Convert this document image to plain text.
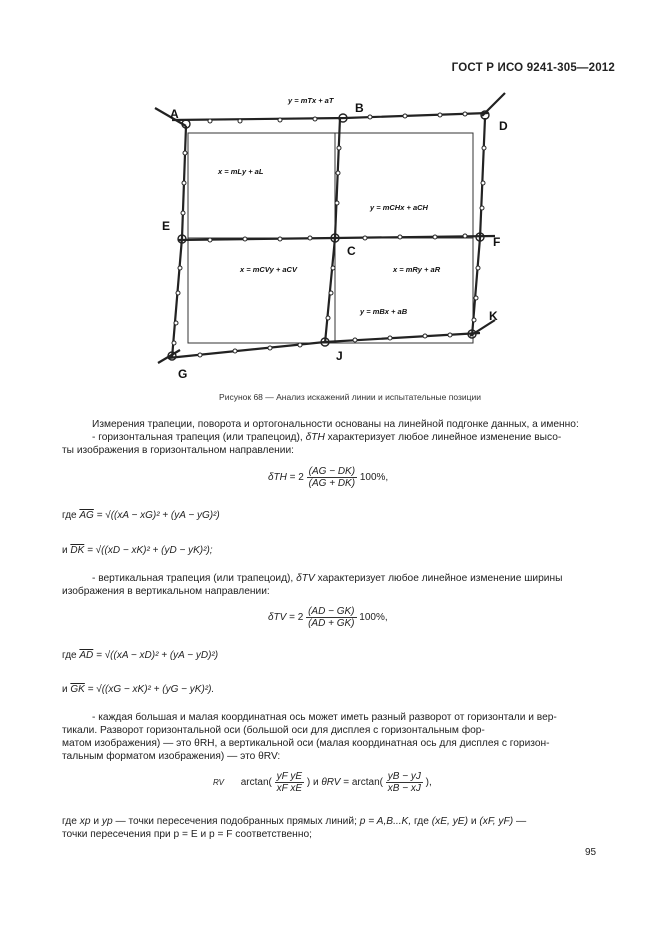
ГОСТ Р ИСО 9241-305—2012
A	B
D
E
C
F
G
J
K
y = mTx + aT
x = mLy + aL
y = mCHx + aCH
x = mCVy + aCV	x = mRy + aR
y = mBx + aB
Рисунок 68 — Анализ искажений линии и испытательные позиции
Измерения трапеции, поворота и ортогональности основаны на линейной подгонке данных, а именно:
- горизонтальная трапеция (или трапецоид), δTH характеризует любое линейное изменение высо-
ты изображения в горизонтальном направлении:
$\delta TH = 2 \frac{(AG - DK)}{(AG + DK)} 100\%$,
где $\overline{AG} = √((xA - xG)^2 + (yA - yG)^2)$
и $\overline{DK} = √((xD - xK)^2 + (yD - yK)^2)$;
- вертикальная трапеция (или трапецоид), δTV характеризует любое линейное изменение ширины
изображения в вертикальном направлении:
$\delta TV = 2 \frac{(AD - GK)}{(AD + GK)} 100\%$,
где $\overline{AD} = √((xA - xD)^2 + (yA - yD)^2)$
и $\overline{GK} = √((xG - xK)^2 + (yG - yK)^2)$.
- каждая большая и малая координатная ось может иметь разный разворот от горизонтали и вер-
тикали. Разворот горизонтальной оси (большой оси для дисплея с горизонтальным фор-
матом изображения) — это θRH, а вертикальной оси (малая координатная ось для дисплея с горизон-
тальным форматом изображения) — это θRV:
RV $\arctan( \frac{\text{yF yE}}{\text{xF xE}}$ ) и $\theta RV = \arctan( \frac{yB - yJ}{xB - xJ}$ ),
где xp и yp — точки пересечения подобранных прямых линий; p = A,B...K, где (xE, yE) и (xF, yF) —
точки пересечения при p = E и p = F соответственно;
95
